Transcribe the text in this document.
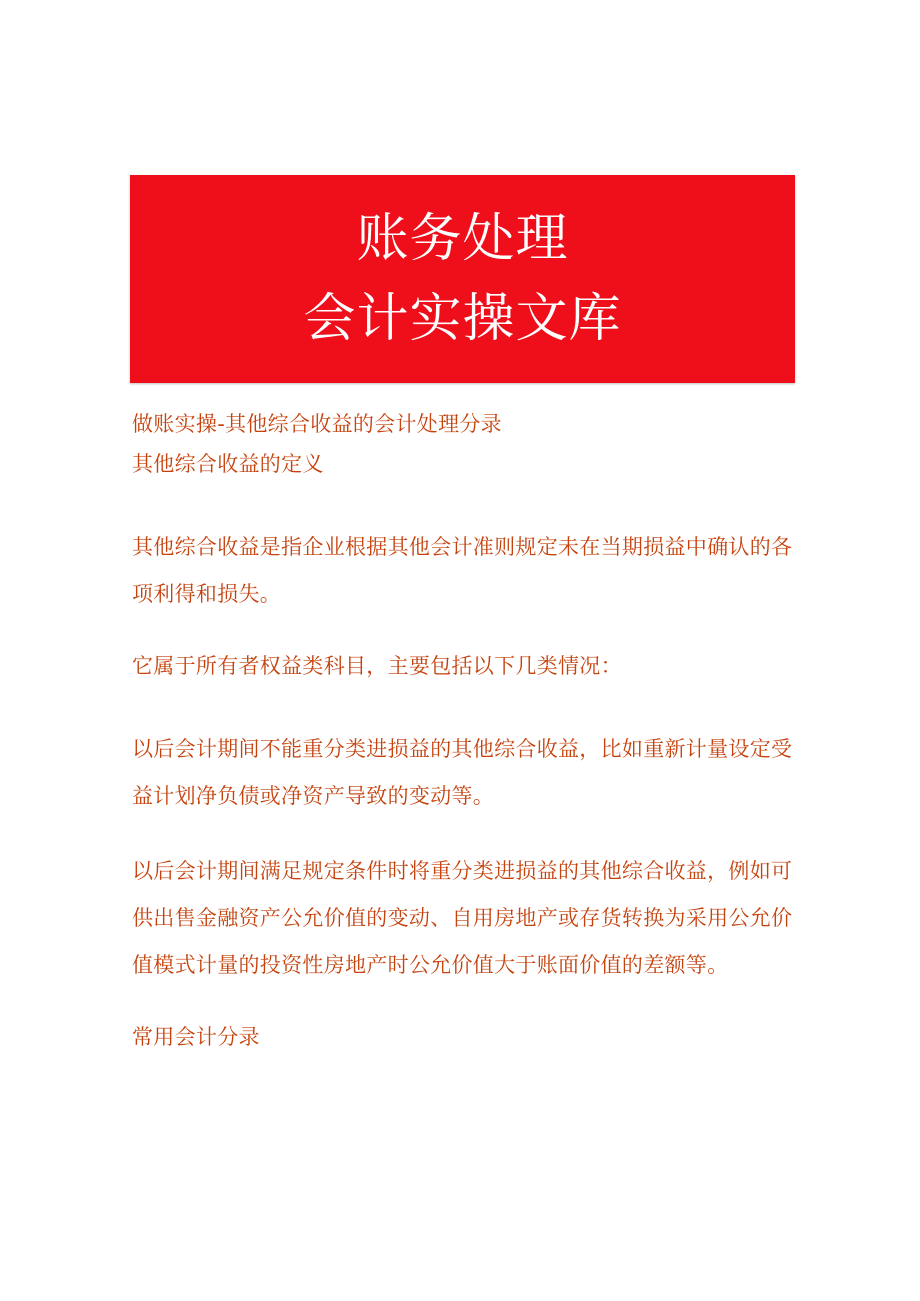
账务处理
会计实操文库

做账实操-其他综合收益的会计处理分录

其他综合收益的定义

其他综合收益是指企业根据其他会计准则规定未在当期损益中确认的各项利得和损失。

它属于所有者权益类科目，主要包括以下几类情况：

以后会计期间不能重分类进损益的其他综合收益，比如重新计量设定受益计划净负债或净资产导致的变动等。

以后会计期间满足规定条件时将重分类进损益的其他综合收益，例如可供出售金融资产公允价值的变动、自用房地产或存货转换为采用公允价值模式计量的投资性房地产时公允价值大于账面价值的差额等。

常用会计分录
